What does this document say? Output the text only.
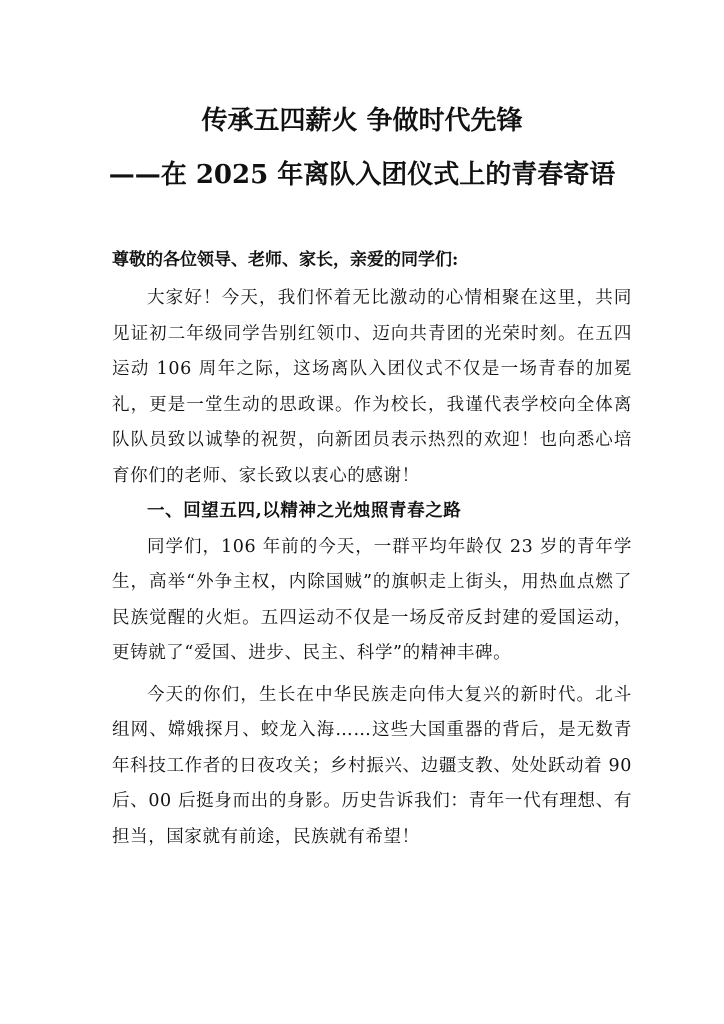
传承五四薪火 争做时代先锋
——在 2025 年离队入团仪式上的青春寄语
尊敬的各位领导、老师、家长，亲爱的同学们:

大家好！今天，我们怀着无比激动的心情相聚在这里，共同见证初二年级同学告别红领巾、迈向共青团的光荣时刻。在五四运动 106 周年之际，这场离队入团仪式不仅是一场青春的加冕礼，更是一堂生动的思政课。作为校长，我谨代表学校向全体离队队员致以诚挚的祝贺，向新团员表示热烈的欢迎！也向悉心培育你们的老师、家长致以衷心的感谢！

一、回望五四,以精神之光烛照青春之路

同学们，106 年前的今天，一群平均年龄仅 23 岁的青年学生，高举“外争主权，内除国贼”的旗帜走上街头，用热血点燃了民族觉醒的火炬。五四运动不仅是一场反帝反封建的爱国运动，更铸就了“爱国、进步、民主、科学”的精神丰碑。

今天的你们，生长在中华民族走向伟大复兴的新时代。北斗组网、嫦娥探月、蛟龙入海……这些大国重器的背后，是无数青年科技工作者的日夜攻关；乡村振兴、边疆支教、处处跃动着 90 后、00 后挺身而出的身影。历史告诉我们：青年一代有理想、有担当，国家就有前途，民族就有希望！
